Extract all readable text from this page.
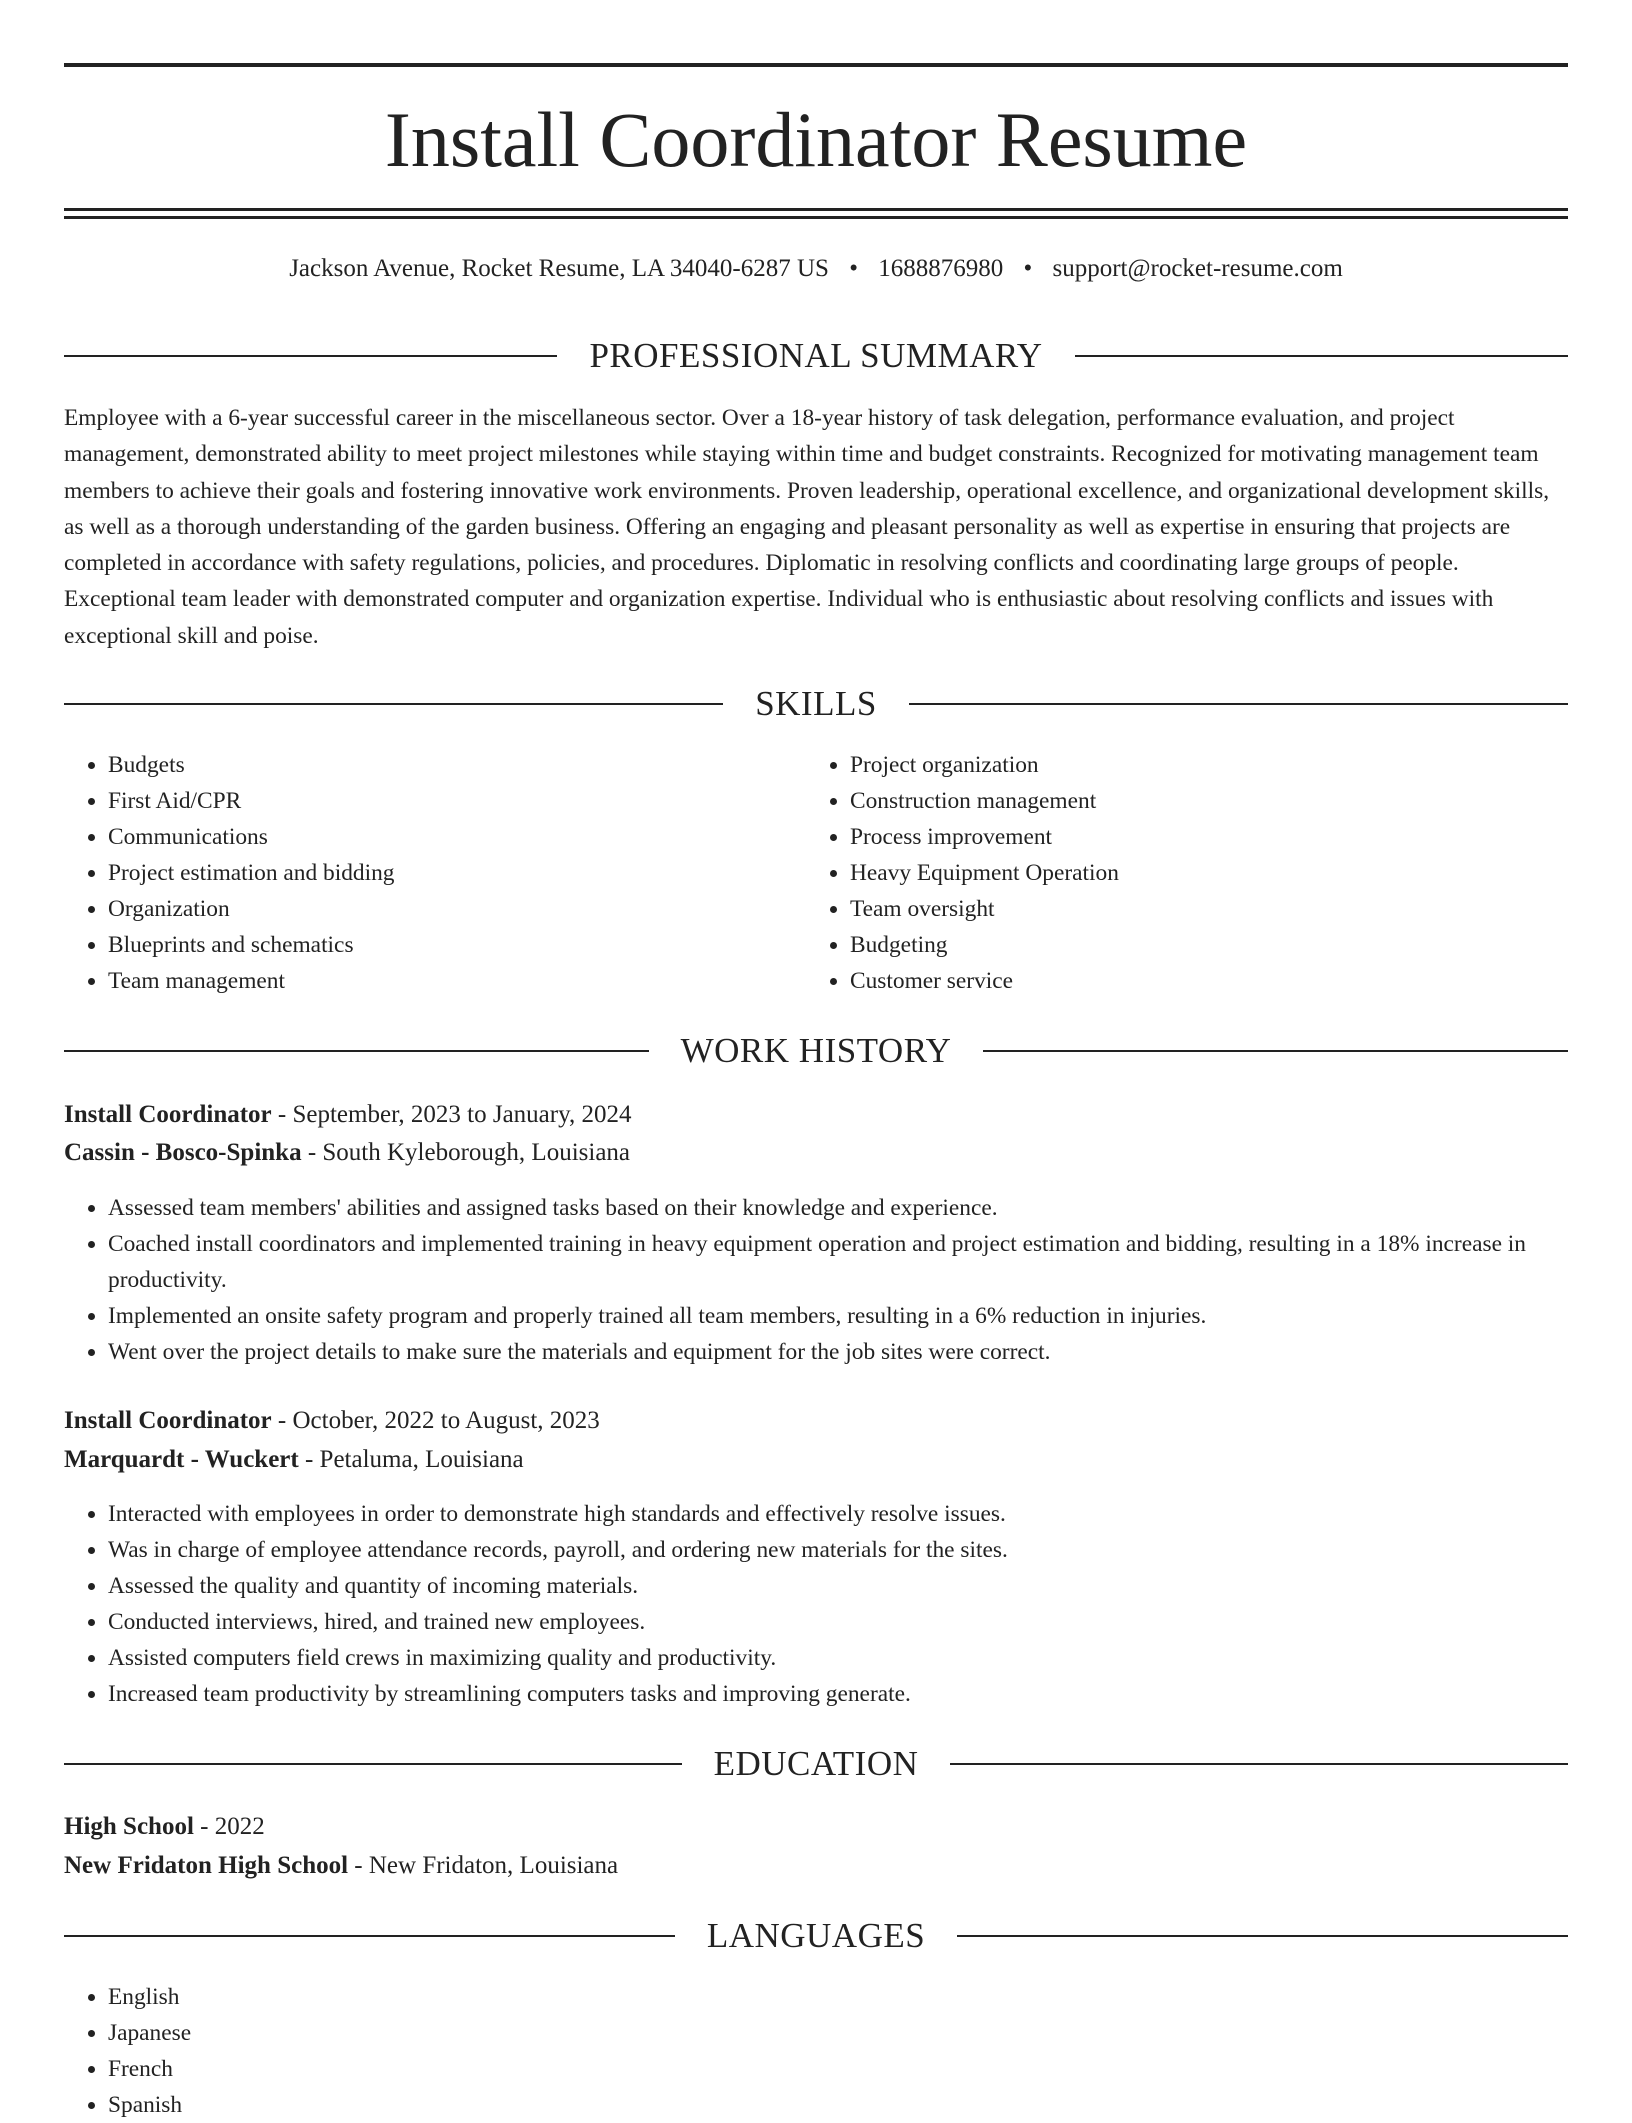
Install Coordinator Resume
Jackson Avenue, Rocket Resume, LA 34040-6287 US • 1688876980 • support@rocket-resume.com
PROFESSIONAL SUMMARY

Employee with a 6-year successful career in the miscellaneous sector. Over a 18-year history of task delegation, performance evaluation, and project management, demonstrated ability to meet project milestones while staying within time and budget constraints. Recognized for motivating management team members to achieve their goals and fostering innovative work environments. Proven leadership, operational excellence, and organizational development skills, as well as a thorough understanding of the garden business. Offering an engaging and pleasant personality as well as expertise in ensuring that projects are completed in accordance with safety regulations, policies, and procedures. Diplomatic in resolving conflicts and coordinating large groups of people. Exceptional team leader with demonstrated computer and organization expertise. Individual who is enthusiastic about resolving conflicts and issues with exceptional skill and poise.

SKILLS
• Budgets
• First Aid/CPR
• Communications
• Project estimation and bidding
• Organization
• Blueprints and schematics
• Team management
• Project organization
• Construction management
• Process improvement
• Heavy Equipment Operation
• Team oversight
• Budgeting
• Customer service
WORK HISTORY
Install Coordinator - September, 2023 to January, 2024
Cassin - Bosco-Spinka - South Kyleborough, Louisiana
• Assessed team members' abilities and assigned tasks based on their knowledge and experience.
• Coached install coordinators and implemented training in heavy equipment operation and project estimation and bidding, resulting in a 18% increase in productivity.
• Implemented an onsite safety program and properly trained all team members, resulting in a 6% reduction in injuries.
• Went over the project details to make sure the materials and equipment for the job sites were correct.
Install Coordinator - October, 2022 to August, 2023
Marquardt - Wuckert - Petaluma, Louisiana
• Interacted with employees in order to demonstrate high standards and effectively resolve issues.
• Was in charge of employee attendance records, payroll, and ordering new materials for the sites.
• Assessed the quality and quantity of incoming materials.
• Conducted interviews, hired, and trained new employees.
• Assisted computers field crews in maximizing quality and productivity.
• Increased team productivity by streamlining computers tasks and improving generate.
EDUCATION
High School - 2022
New Fridaton High School - New Fridaton, Louisiana
LANGUAGES
• English
• Japanese
• French
• Spanish
